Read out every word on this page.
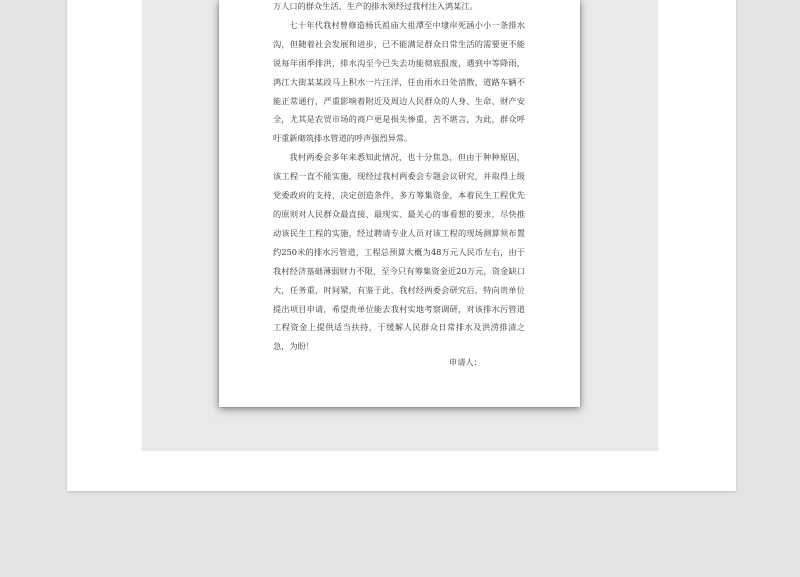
万人口的群众生活、生产的排水须经过我村注入鸿某江。

七十年代我村曾修造杨氏祖庙大祖潭至中埭岸死涵小小一条排水沟，但随着社会发展和进步，已不能满足群众日常生活的需要更不能说每年雨季排洪，排水沟至今已失去功能彻底报废，遇到中等降雨，鸿江大街某某段马上积水一片汪洋，任由雨水日处消散，道路车辆不能正常通行，严重影响着附近及周边人民群众的人身、生命、财产安全，尤其是农贸市场的商户更是损失惨重，苦不堪言，为此，群众呼吁重新砌筑排水管道的呼声强烈异常。

我村两委会多年来悉知此情况，也十分焦急，但由于种种原因，该工程一直不能实施，现经过我村两委会专题会议研究，并取得上级党委政府的支持，决定创造条件，多方筹集资金，本着民生工程优先的原则对人民群众最直接、最现实、最关心的事看想的要求，尽快推动该民生工程的实施，经过聘请专业人员对该工程的现场测算须布置约250米的排水污管道，工程总预算大概为48万元人民币左右，由于我村经济基础薄弱财力不限，至今只有筹集资金近20万元，资金缺口大，任务重，时间紧，有鉴于此，我村经两委会研究后，特向贵单位提出项目申请，希望贵单位能去我村实地考察调研，对该排水污管道工程资金上提供适当扶持，于缓解人民群众日常排水及洪涝排渍之急，为盼！

申请人：
